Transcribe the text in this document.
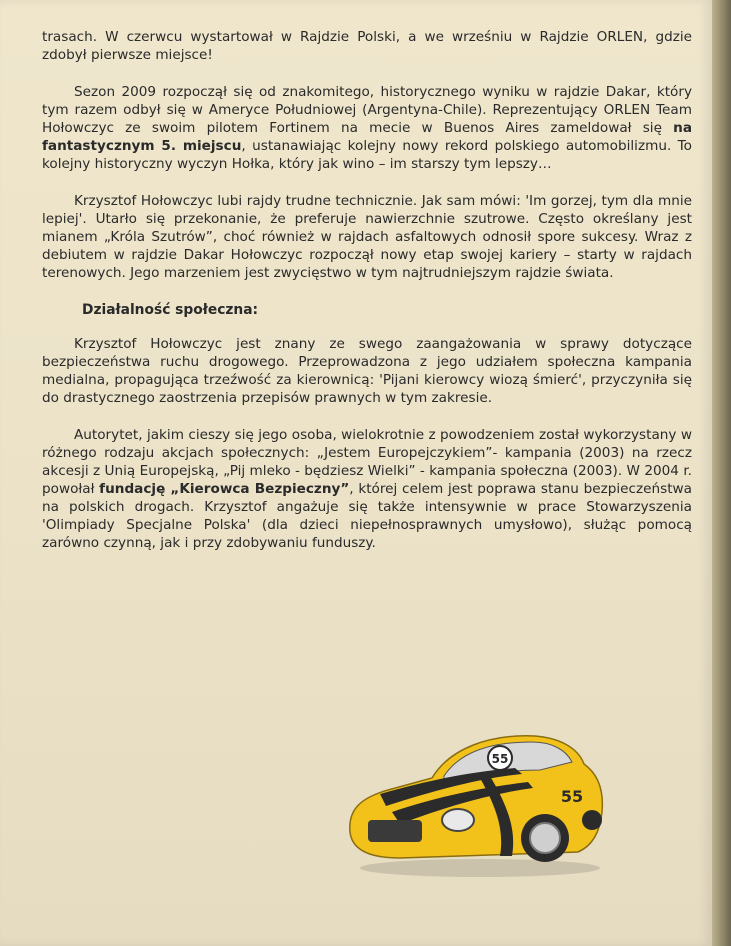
trasach. W czerwcu wystartował w Rajdzie Polski, a we wrześniu w Rajdzie ORLEN, gdzie zdobył pierwsze miejsce!

Sezon 2009 rozpoczął się od znakomitego, historycznego wyniku w rajdzie Dakar, który tym razem odbył się w Ameryce Południowej (Argentyna-Chile). Reprezentujący ORLEN Team Hołowczyc ze swoim pilotem Fortinem na mecie w Buenos Aires zameldował się na fantastycznym 5. miejscu, ustanawiając kolejny nowy rekord polskiego automobilizmu. To kolejny historyczny wyczyn Hołka, który jak wino – im starszy tym lepszy…

Krzysztof Hołowczyc lubi rajdy trudne technicznie. Jak sam mówi: 'Im gorzej, tym dla mnie lepiej'. Utarło się przekonanie, że preferuje nawierzchnie szutrowe. Często określany jest mianem „Króla Szutrów”, choć również w rajdach asfaltowych odnosił spore sukcesy. Wraz z debiutem w rajdzie Dakar Hołowczyc rozpoczął nowy etap swojej kariery – starty w rajdach terenowych. Jego marzeniem jest zwycięstwo w tym najtrudniejszym rajdzie świata.

Działalność społeczna:

Krzysztof Hołowczyc jest znany ze swego zaangażowania w sprawy dotyczące bezpieczeństwa ruchu drogowego. Przeprowadzona z jego udziałem społeczna kampania medialna, propagująca trzeźwość za kierownicą: 'Pijani kierowcy wiozą śmierć', przyczyniła się do drastycznego zaostrzenia przepisów prawnych w tym zakresie.

Autorytet, jakim cieszy się jego osoba, wielokrotnie z powodzeniem został wykorzystany w różnego rodzaju akcjach społecznych: „Jestem Europejczykiem”- kampania (2003) na rzecz akcesji z Unią Europejską, „Pij mleko - będziesz Wielki” - kampania społeczna (2003). W 2004 r. powołał fundację „Kierowca Bezpieczny”, której celem jest poprawa stanu bezpieczeństwa na polskich drogach. Krzysztof angażuje się także intensywnie w prace Stowarzyszenia 'Olimpiady Specjalne Polska' (dla dzieci niepełnosprawnych umysłowo), służąc pomocą zarówno czynną, jak i przy zdobywaniu funduszy.

55
55
